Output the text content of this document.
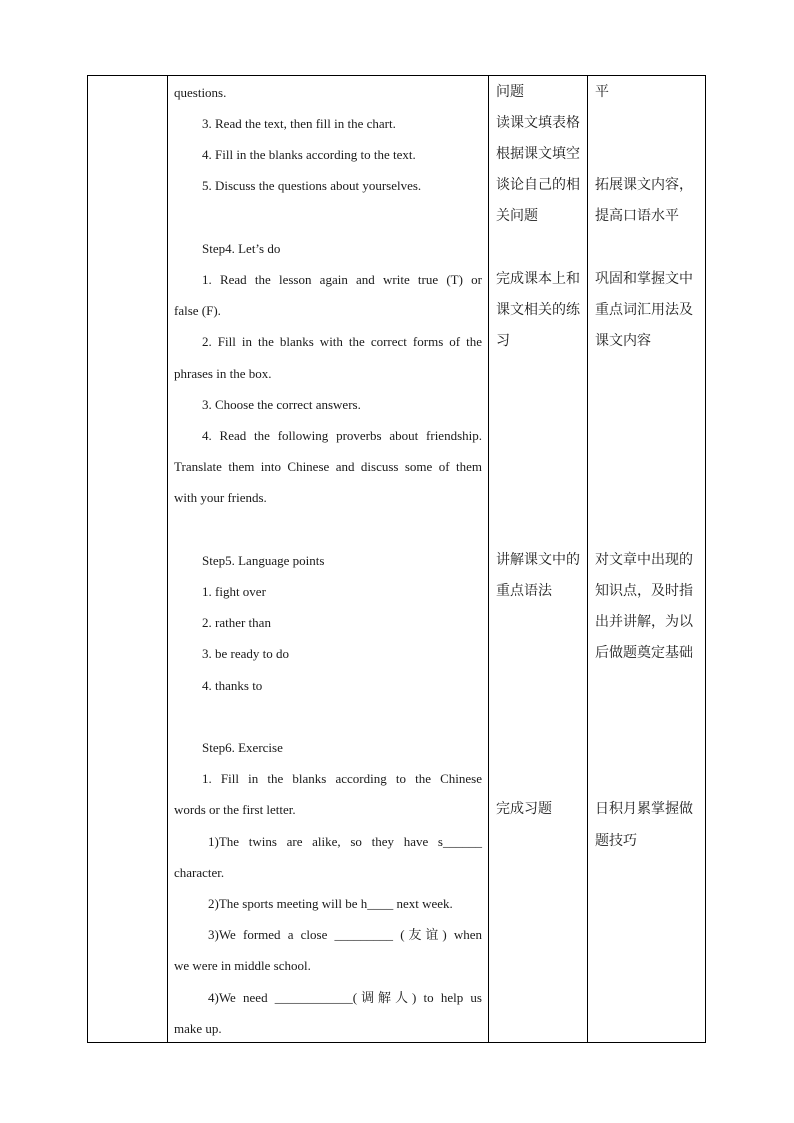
questions.
3. Read the text, then fill in the chart.
4. Fill in the blanks according to the text.
5. Discuss the questions about yourselves.
Step4. Let’s do
1. Read the lesson again and write true (T) or
false (F).
2. Fill in the blanks with the correct forms of the
phrases in the box.
3. Choose the correct answers.
4. Read the following proverbs about friendship.
Translate them into Chinese and discuss some of them
with your friends.
Step5. Language points
1. fight over
2. rather than
3. be ready to do
4. thanks to
Step6. Exercise
1. Fill in the blanks according to the Chinese
words or the first letter.
1)The twins are alike, so they have s______
character.
2)The sports meeting will be h____ next week.
3)We formed a close _________ (友谊) when
we were in middle school.
4)We need ____________(调解人) to help us
make up.
问题
读课文填表格
根据课文填空
谈论自己的相
关问题
完成课本上和
课文相关的练
习
讲解课文中的
重点语法
完成习题
平
拓展课文内容，
提高口语水平
巩固和掌握文中
重点词汇用法及
课文内容
对文章中出现的
知识点，及时指
出并讲解，为以
后做题奠定基础
日积月累掌握做
题技巧
